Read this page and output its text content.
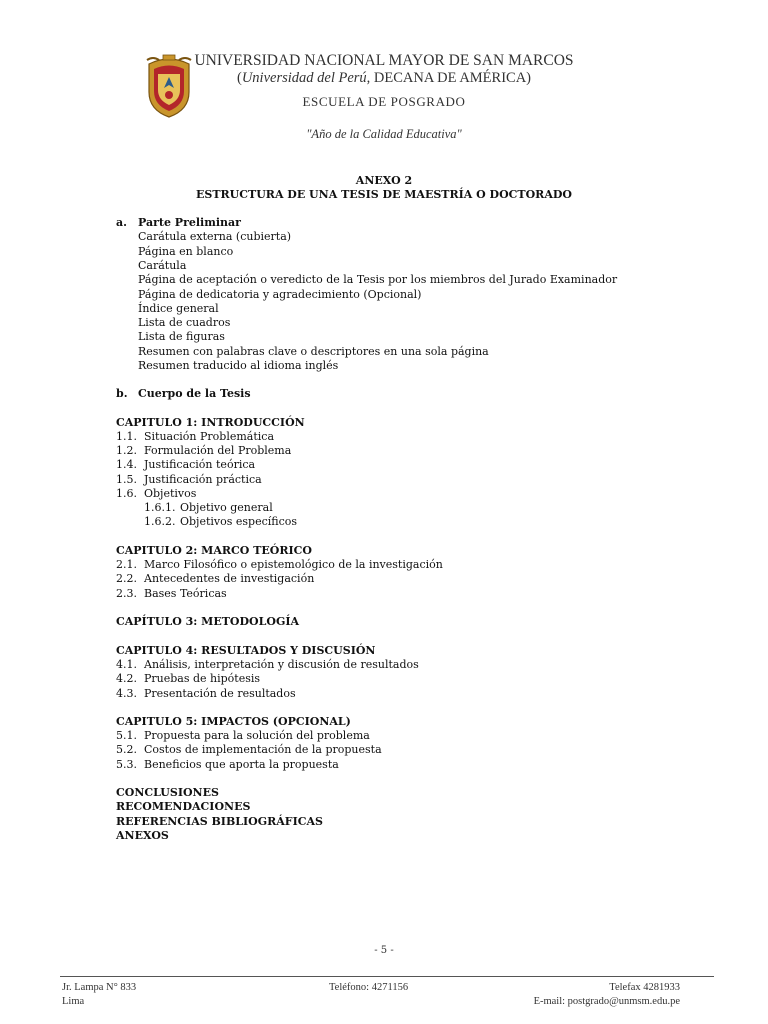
UNIVERSIDAD NACIONAL MAYOR DE SAN MARCOS
(Universidad del Perú, DECANA DE AMÉRICA)
ESCUELA DE POSGRADO
"Año de la Calidad Educativa"
ANEXO 2
ESTRUCTURA DE UNA TESIS DE MAESTRÍA O DOCTORADO
a. Parte Preliminar
Carátula externa (cubierta)
Página en blanco
Carátula
Página de aceptación o veredicto de la Tesis por los miembros del Jurado Examinador
Página de dedicatoria y agradecimiento (Opcional)
Índice general
Lista de cuadros
Lista de figuras
Resumen con palabras clave o descriptores en una sola página
Resumen traducido al idioma inglés
b. Cuerpo de la Tesis
CAPITULO 1: INTRODUCCIÓN
1.1. Situación Problemática
1.2. Formulación del Problema
1.4. Justificación teórica
1.5. Justificación práctica
1.6. Objetivos
1.6.1. Objetivo general
1.6.2. Objetivos específicos
CAPITULO 2: MARCO TEÓRICO
2.1. Marco Filosófico o epistemológico de la investigación
2.2. Antecedentes de investigación
2.3. Bases Teóricas
CAPÍTULO 3: METODOLOGÍA
CAPITULO 4: RESULTADOS Y DISCUSIÓN
4.1. Análisis, interpretación y discusión de resultados
4.2. Pruebas de hipótesis
4.3. Presentación de resultados
CAPITULO 5: IMPACTOS (OPCIONAL)
5.1. Propuesta para la solución del problema
5.2. Costos de implementación de la propuesta
5.3. Beneficios que aporta la propuesta
CONCLUSIONES
RECOMENDACIONES
REFERENCIAS BIBLIOGRÁFICAS
ANEXOS
- 5 -
Jr. Lampa N° 833
Lima
Teléfono: 4271156	Telefax 4281933
E-mail: postgrado@unmsm.edu.pe
